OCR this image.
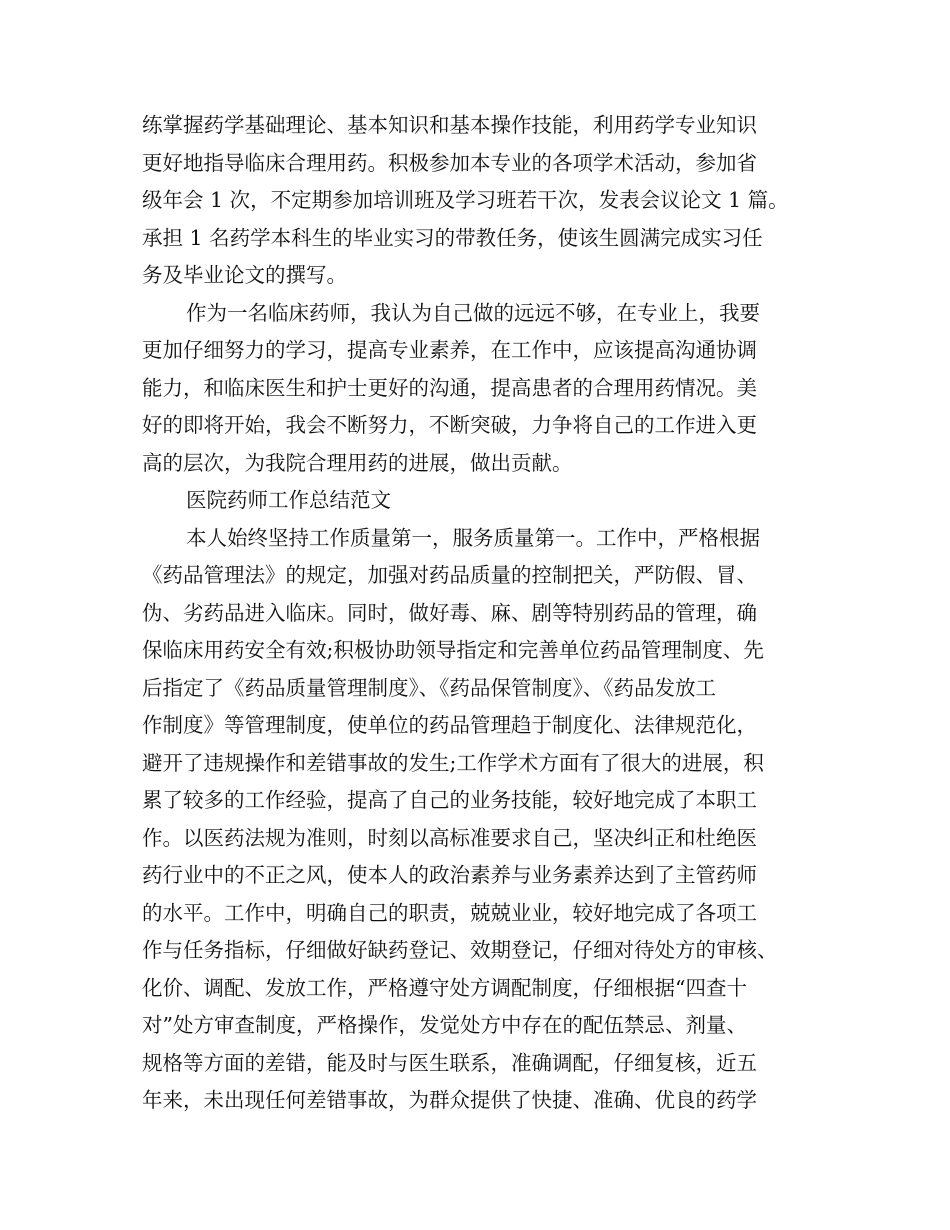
练掌握药学基础理论、基本知识和基本操作技能，利用药学专业知识
更好地指导临床合理用药。积极参加本专业的各项学术活动，参加省
级年会 1 次，不定期参加培训班及学习班若干次，发表会议论文 1 篇。
承担 1 名药学本科生的毕业实习的带教任务，使该生圆满完成实习任
务及毕业论文的撰写。
作为一名临床药师，我认为自己做的远远不够，在专业上，我要
更加仔细努力的学习，提高专业素养，在工作中，应该提高沟通协调
能力，和临床医生和护士更好的沟通，提高患者的合理用药情况。美
好的即将开始，我会不断努力，不断突破，力争将自己的工作进入更
高的层次，为我院合理用药的进展，做出贡献。
医院药师工作总结范文
本人始终坚持工作质量第一，服务质量第一。工作中，严格根据
《药品管理法》的规定，加强对药品质量的控制把关，严防假、冒、
伪、劣药品进入临床。同时，做好毒、麻、剧等特别药品的管理，确
保临床用药安全有效;积极协助领导指定和完善单位药品管理制度、先
后指定了《药品质量管理制度》、《药品保管制度》、《药品发放工
作制度》等管理制度，使单位的药品管理趋于制度化、法律规范化，
避开了违规操作和差错事故的发生;工作学术方面有了很大的进展，积
累了较多的工作经验，提高了自己的业务技能，较好地完成了本职工
作。以医药法规为准则，时刻以高标准要求自己，坚决纠正和杜绝医
药行业中的不正之风，使本人的政治素养与业务素养达到了主管药师
的水平。工作中，明确自己的职责，兢兢业业，较好地完成了各项工
作与任务指标，仔细做好缺药登记、效期登记，仔细对待处方的审核、
化价、调配、发放工作，严格遵守处方调配制度，仔细根据“四查十
对”处方审查制度，严格操作，发觉处方中存在的配伍禁忌、剂量、
规格等方面的差错，能及时与医生联系，准确调配，仔细复核，近五
年来，未出现任何差错事故，为群众提供了快捷、准确、优良的药学
